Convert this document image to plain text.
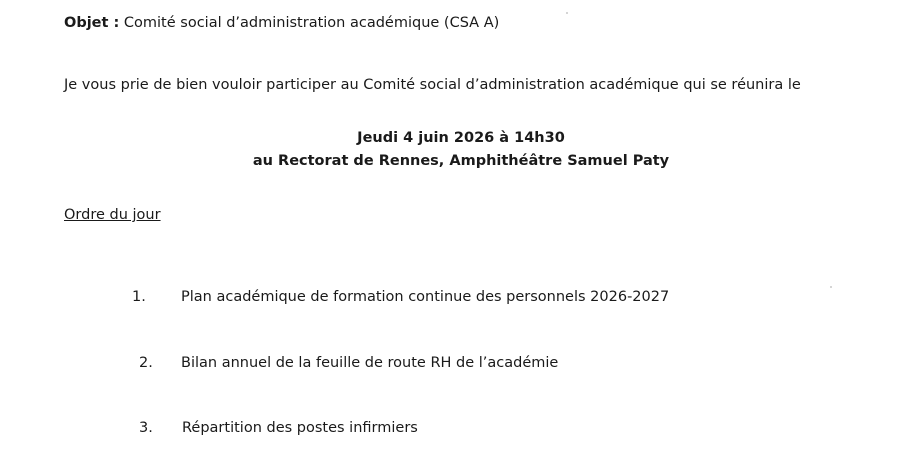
Objet : Comité social d’administration académique (CSA A)
Je vous prie de bien vouloir participer au Comité social d’administration académique qui se réunira le
Jeudi 4 juin 2026 à 14h30
au Rectorat de Rennes, Amphithéâtre Samuel Paty
Ordre du jour
1. Plan académique de formation continue des personnels 2026-2027
2. Bilan annuel de la feuille de route RH de l’académie
3. Répartition des postes infirmiers
